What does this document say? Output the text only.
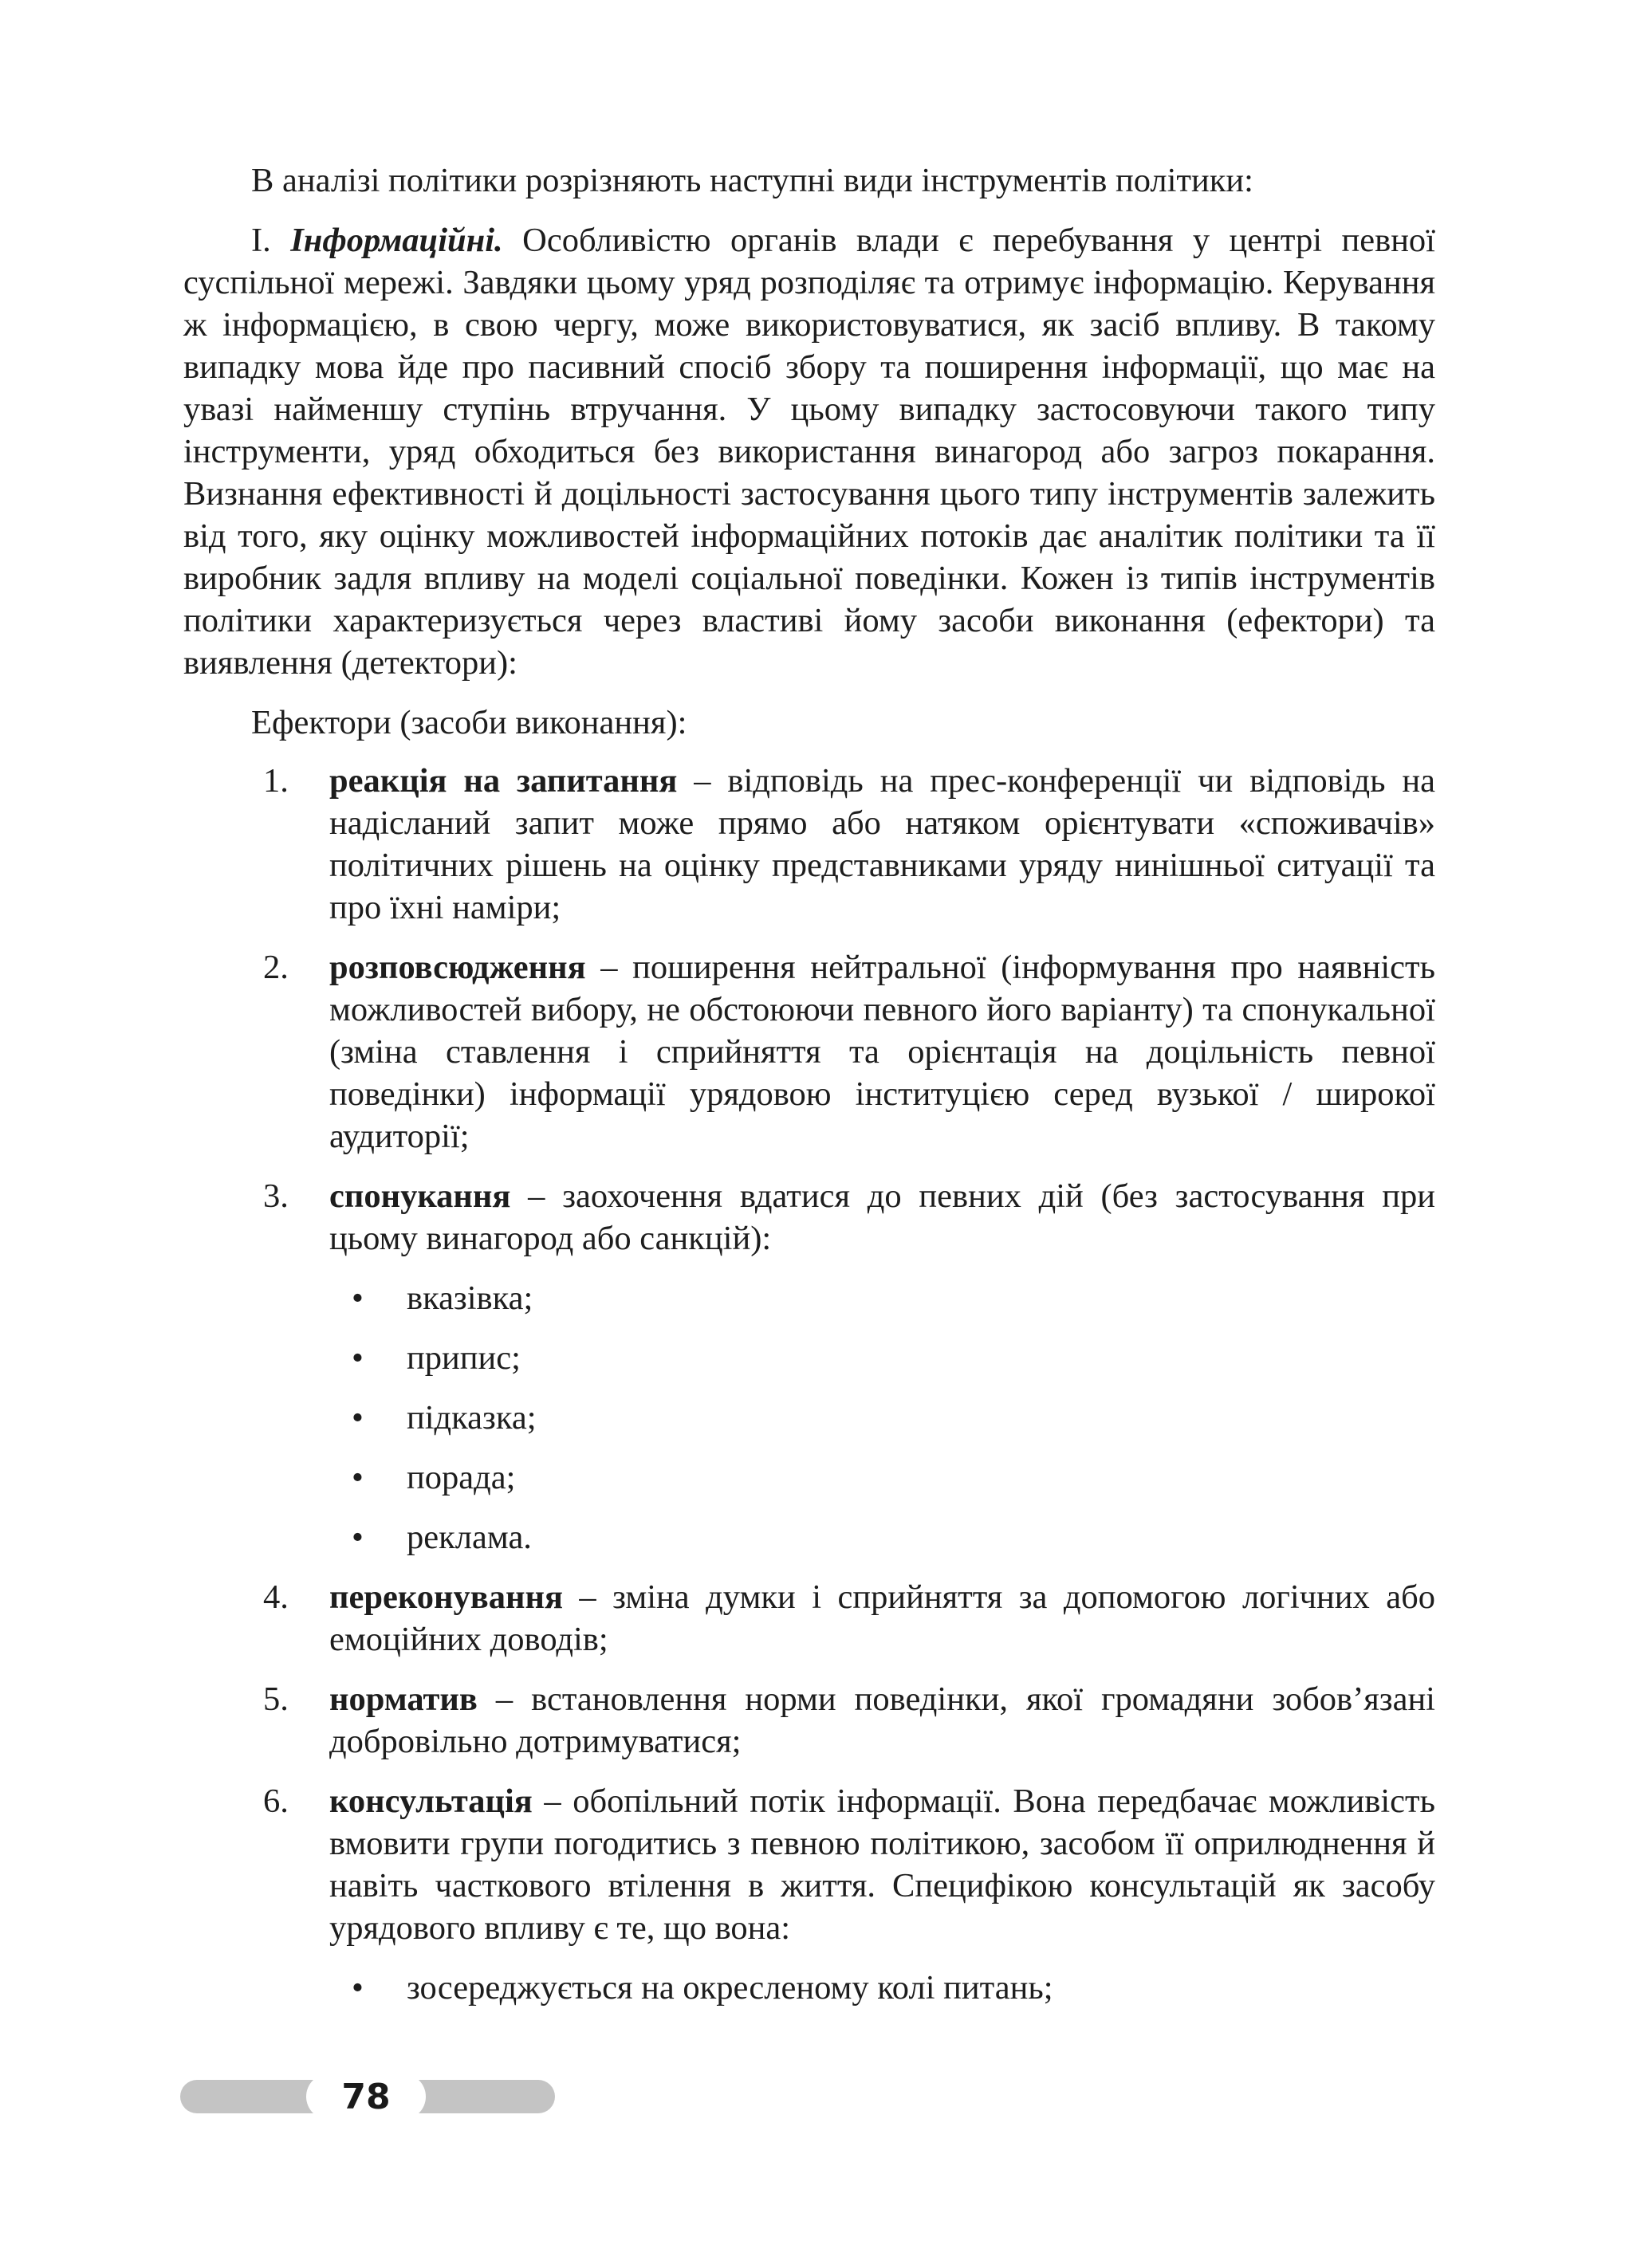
В аналізі політики розрізняють наступні види інструментів політики:

І. Інформаційні. Особливістю органів влади є перебування у центрі певної суспільної мережі. Завдяки цьому уряд розподіляє та отримує інформацію. Керування ж інформацією, в свою чергу, може використовуватися, як засіб впливу. В такому випадку мова йде про пасивний спосіб збору та поширення інформації, що має на увазі найменшу ступінь втручання. У цьому випадку застосовуючи такого типу інструменти, уряд обходиться без використання винагород або загроз покарання. Визнання ефективності й доцільності застосування цього типу інструментів залежить від того, яку оцінку можливостей інформаційних потоків дає аналітик політики та її виробник задля впливу на моделі соціальної поведінки. Кожен із типів інструментів політики характеризується через властиві йому засоби виконання (ефектори) та виявлення (детектори):

Ефектори (засоби виконання):

1. реакція на запитання – відповідь на прес-конференції чи відповідь на надісланий запит може прямо або натяком орієнтувати «споживачів» політичних рішень на оцінку представниками уряду нинішньої ситуації та про їхні наміри;
2. розповсюдження – поширення нейтральної (інформування про наявність можливостей вибору, не обстоюючи певного його варіанту) та спонукальної (зміна ставлення і сприйняття та орієнтація на доцільність певної поведінки) інформації урядовою інституцією серед вузької / широкої аудиторії;
3. спонукання – заохочення вдатися до певних дій (без застосування при цьому винагород або санкцій):
• вказівка;
• припис;
• підказка;
• порада;
• реклама.
4. переконування – зміна думки і сприйняття за допомогою логічних або емоційних доводів;
5. норматив – встановлення норми поведінки, якої громадяни зобов’язані добровільно дотримуватися;
6. консультація – обопільний потік інформації. Вона передбачає можливість вмовити групи погодитись з певною політикою, засобом її оприлюднення й навіть часткового втілення в життя. Специфікою консультацій як засобу урядового впливу є те, що вона:
• зосереджується на окресленому колі питань;
78
